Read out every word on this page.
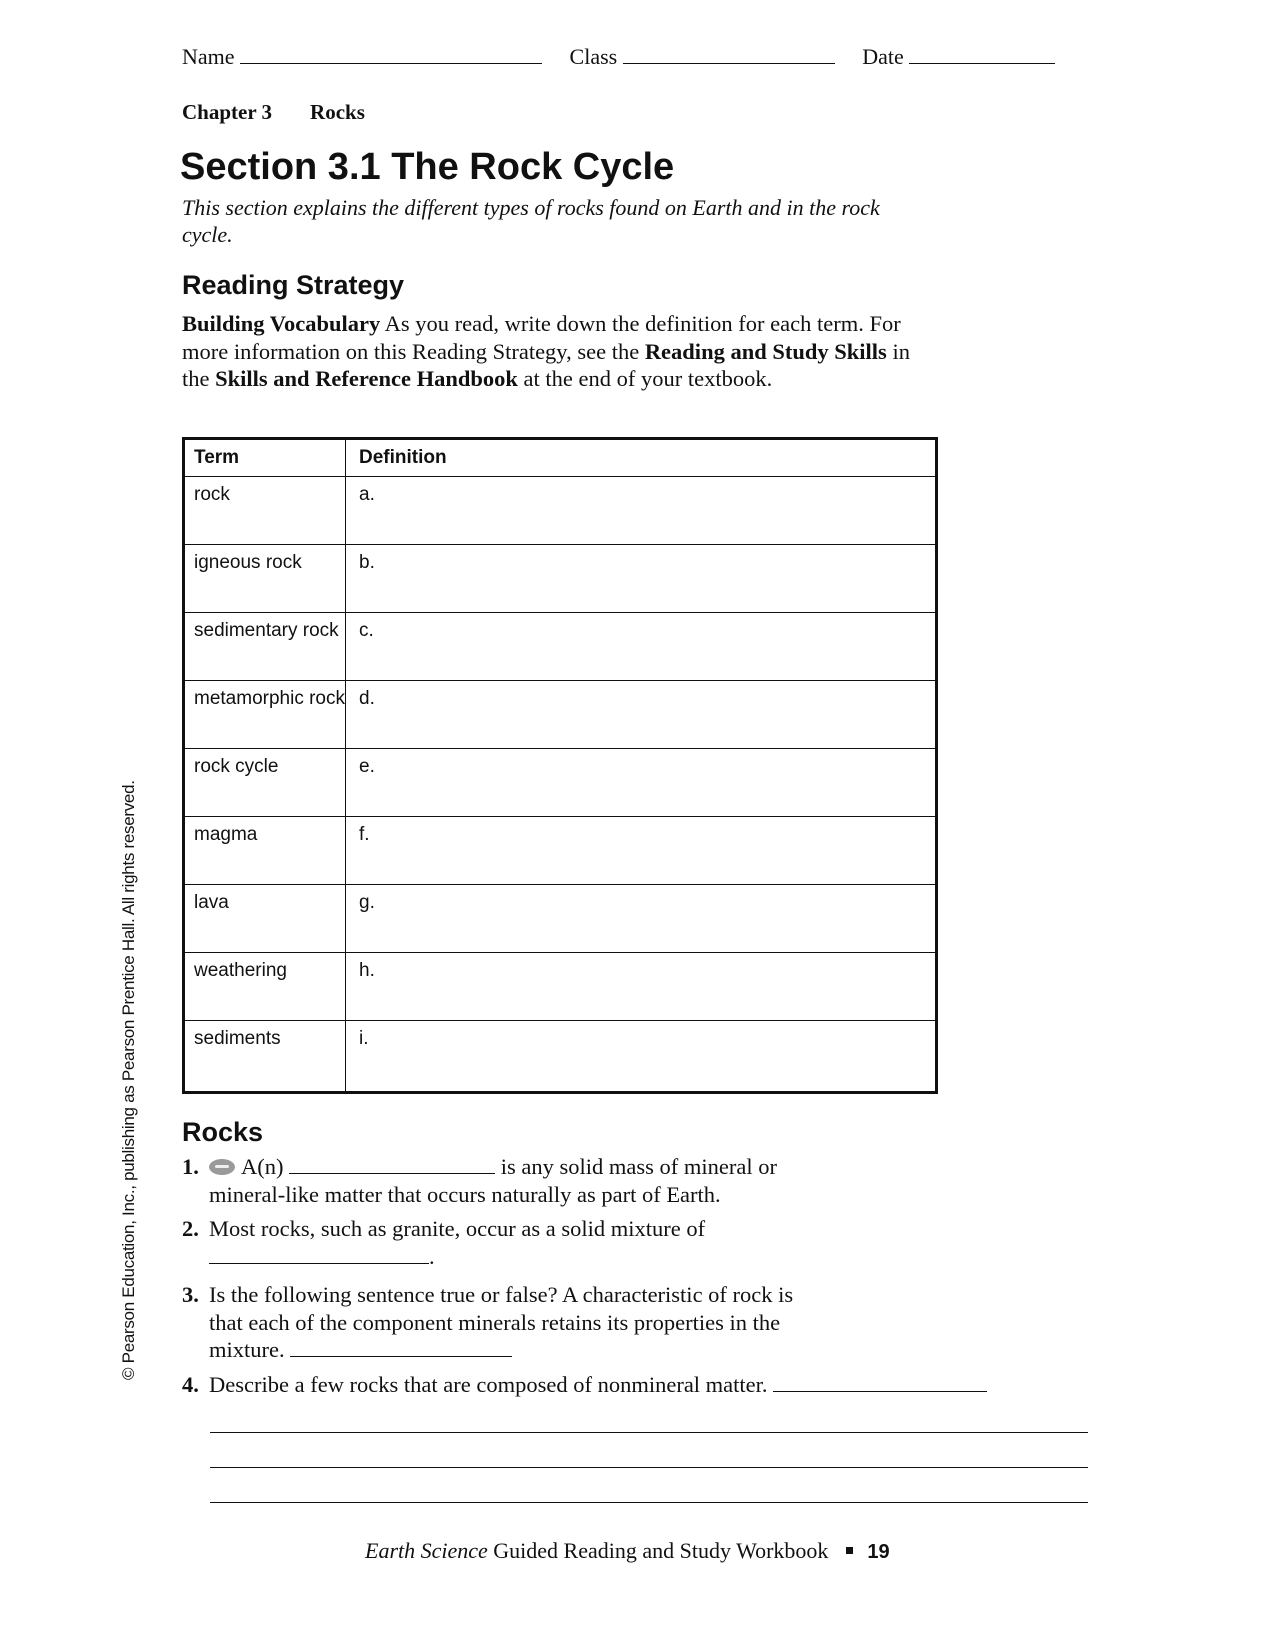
Name	Class	Date
Chapter 3 Rocks
Section 3.1 The Rock Cycle
This section explains the different types of rocks found on Earth and in the rock cycle.
Reading Strategy
Building Vocabulary As you read, write down the definition for each term. For more information on this Reading Strategy, see the Reading and Study Skills in the Skills and Reference Handbook at the end of your textbook.
Term	Definition
rock	a.
igneous rock	b.
sedimentary rock c.
metamorphic rock d.
rock cycle	e.
magma	f.
lava	g.
weathering	h.
sediments	i.
Rocks
1.	A(n)	is any solid mass of mineral or
mineral-like matter that occurs naturally as part of Earth.
2. Most rocks, such as granite, occur as a solid mixture of
.
3. Is the following sentence true or false? A characteristic of rock is
that each of the component minerals retains its properties in the
mixture.
4. Describe a few rocks that are composed of nonmineral matter.
Earth Science Guided Reading and Study Workbook 19
© Pearson Education, Inc., publishing as Pearson Prentice Hall. All rights reserved.
